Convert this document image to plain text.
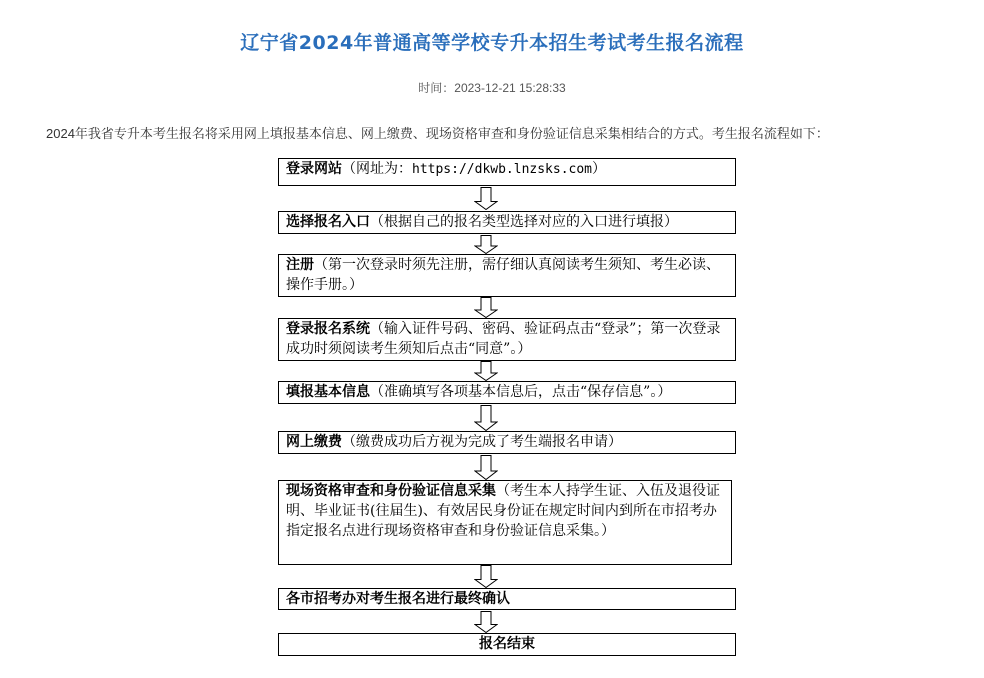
辽宁省2024年普通高等学校专升本招生考试考生报名流程
时间：2023-12-21 15:28:33
2024年我省专升本考生报名将采用网上填报基本信息、网上缴费、现场资格审查和身份验证信息采集相结合的方式。考生报名流程如下：
登录网站（网址为：https://dkwb.lnzsks.com）
选择报名入口（根据自己的报名类型选择对应的入口进行填报）
注册（第一次登录时须先注册，需仔细认真阅读考生须知、考生必读、操作手册。）
登录报名系统（输入证件号码、密码、验证码点击“登录”；第一次登录成功时须阅读考生须知后点击“同意”。）
填报基本信息（准确填写各项基本信息后，点击“保存信息”。）
网上缴费（缴费成功后方视为完成了考生端报名申请）
现场资格审查和身份验证信息采集（考生本人持学生证、入伍及退役证明、毕业证书(往届生)、有效居民身份证在规定时间内到所在市招考办指定报名点进行现场资格审查和身份验证信息采集。）
各市招考办对考生报名进行最终确认
报名结束
